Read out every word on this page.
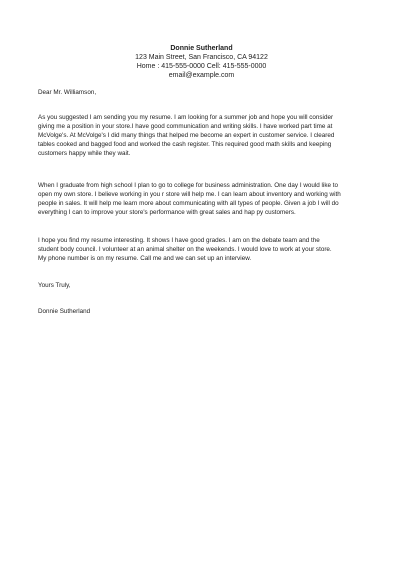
Donnie Sutherland
123 Main Street, San Francisco, CA 94122
Home : 415-555-0000 Cell: 415-555-0000
email@example.com
Dear Mr. Williamson,
As you suggested I am sending you my resume. I am looking for a summer job and hope you will consider
giving me a position in your store.I have good communication and writing skills. I have worked part time at
McVolge's. At McVolge's I did many things that helped me become an expert in customer service. I cleared
tables cooked and bagged food and worked the cash register. This required good math skills and keeping
customers happy while they wait.
When I graduate from high school I plan to go to college for business administration. One day I would like to
open my own store. I believe working in you r store will help me. I can learn about inventory and working with
people in sales. It will help me learn more about communicating with all types of people. Given a job I will do
everything I can to improve your store's performance with great sales and hap py customers.
I hope you find my resume interesting. It shows I have good grades. I am on the debate team and the
student body council. I volunteer at an animal shelter on the weekends. I would love to work at your store.
My phone number is on my resume. Call me and we can set up an interview.
Yours Truly,
Donnie Sutherland
